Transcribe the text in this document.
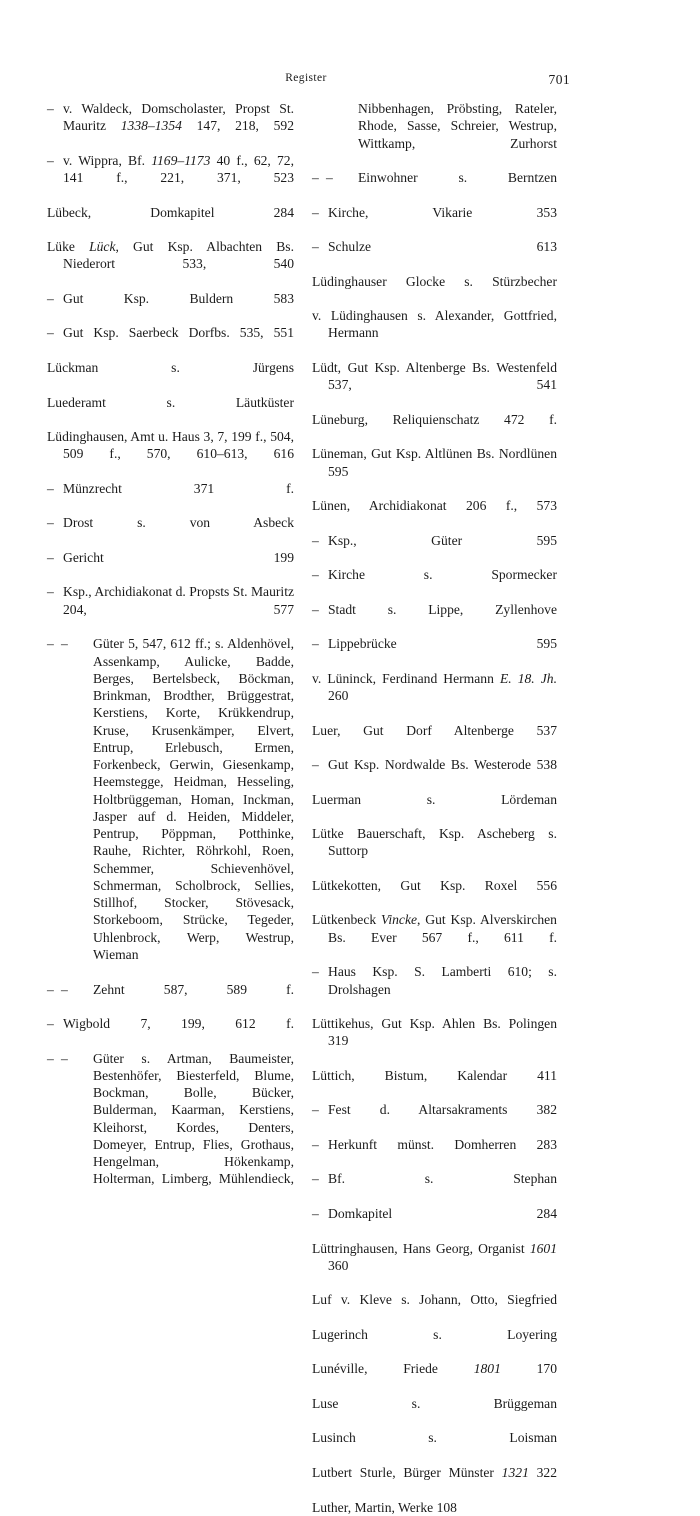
Register	701
– v. Waldeck, Domscholaster, Propst St. Mauritz 1338–1354 147, 218, 592
– v. Wippra, Bf. 1169–1173 40 f., 62, 72, 141 f., 221, 371, 523
Lübeck, Domkapitel 284
Lüke Lück, Gut Ksp. Albachten Bs. Niederort 533, 540
– Gut Ksp. Buldern 583
– Gut Ksp. Saerbeck Dorfbs. 535, 551
Lückman s. Jürgens
Luederamt s. Läutküster
Lüdinghausen, Amt u. Haus 3, 7, 199 f., 504, 509 f., 570, 610–613, 616
– Münzrecht 371 f.
– Drost s. von Asbeck
– Gericht 199
– Ksp., Archidiakonat d. Propsts St. Mauritz 204, 577
– – Güter 5, 547, 612 ff.; s. Aldenhövel, Assenkamp, Aulicke, Badde, Berges, Bertelsbeck, Böckman, Brinkman, Brodther, Brüggestrat, Kerstiens, Korte, Krükkendrup, Kruse, Krusenkämper, Elvert, Entrup, Erlebusch, Ermen, Forkenbeck, Gerwin, Giesenkamp, Heemstegge, Heidman, Hesseling, Holtbrüggeman, Homan, Inckman, Jasper auf d. Heiden, Middeler, Pentrup, Pöppman, Potthinke, Rauhe, Richter, Röhrkohl, Roen, Schemmer, Schievenhövel, Schmerman, Scholbrock, Sellies, Stillhof, Stocker, Stövesack, Storkeboom, Strücke, Tegeder, Uhlenbrock, Werp, Westrup, Wieman
– – Zehnt 587, 589 f.
– Wigbold 7, 199, 612 f.
– – Güter s. Artman, Baumeister, Bestenhöfer, Biesterfeld, Blume, Bockman, Bolle, Bücker, Bulderman, Kaarman, Kerstiens, Kleihorst, Kordes, Denters, Domeyer, Entrup, Flies, Grothaus, Hengelman, Hökenkamp, Holterman, Limberg, Mühlendieck,
Nibbenhagen, Pröbsting, Rateler, Rhode, Sasse, Schreier, Westrup, Wittkamp, Zurhorst
– – Einwohner s. Berntzen
– Kirche, Vikarie 353
– Schulze 613
Lüdinghauser Glocke s. Stürzbecher
v. Lüdinghausen s. Alexander, Gottfried, Hermann
Lüdt, Gut Ksp. Altenberge Bs. Westenfeld 537, 541
Lüneburg, Reliquienschatz 472 f.
Lüneman, Gut Ksp. Altlünen Bs. Nordlünen 595
Lünen, Archidiakonat 206 f., 573
– Ksp., Güter 595
– Kirche s. Spormecker
– Stadt s. Lippe, Zyllenhove
– Lippebrücke 595
v. Lüninck, Ferdinand Hermann E. 18. Jh. 260
Luer, Gut Dorf Altenberge 537
– Gut Ksp. Nordwalde Bs. Westerode 538
Luerman s. Lördeman
Lütke Bauerschaft, Ksp. Ascheberg s. Suttorp
Lütkekotten, Gut Ksp. Roxel 556
Lütkenbeck Vincke, Gut Ksp. Alverskirchen Bs. Ever 567 f., 611 f.
– Haus Ksp. S. Lamberti 610; s. Drolshagen
Lüttikehus, Gut Ksp. Ahlen Bs. Polingen 319
Lüttich, Bistum, Kalendar 411
– Fest d. Altarsakraments 382
– Herkunft münst. Domherren 283
– Bf. s. Stephan
– Domkapitel 284
Lüttringhausen, Hans Georg, Organist 1601 360
Luf v. Kleve s. Johann, Otto, Siegfried
Lugerinch s. Loyering
Lunéville, Friede	1801	170
Luse s. Brüggeman
Lusinch s. Loisman
Lutbert Sturle, Bürger Münster 1321 322
Luther, Martin, Werke 108
